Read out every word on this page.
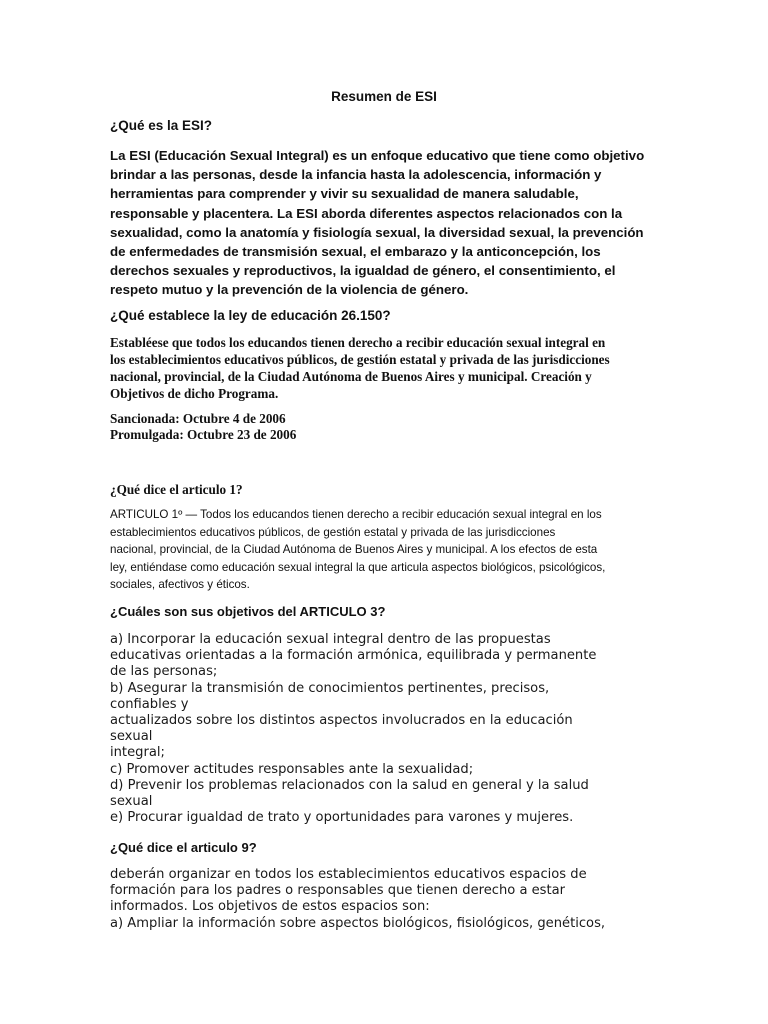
Resumen de ESI
¿Qué es la ESI?
La ESI (Educación Sexual Integral) es un enfoque educativo que tiene como objetivo
brindar a las personas, desde la infancia hasta la adolescencia, información y
herramientas para comprender y vivir su sexualidad de manera saludable,
responsable y placentera. La ESI aborda diferentes aspectos relacionados con la
sexualidad, como la anatomía y fisiología sexual, la diversidad sexual, la prevención
de enfermedades de transmisión sexual, el embarazo y la anticoncepción, los
derechos sexuales y reproductivos, la igualdad de género, el consentimiento, el
respeto mutuo y la prevención de la violencia de género.
¿Qué establece la ley de educación 26.150?
Establéese que todos los educandos tienen derecho a recibir educación sexual integral en
los establecimientos educativos públicos, de gestión estatal y privada de las jurisdicciones
nacional, provincial, de la Ciudad Autónoma de Buenos Aires y municipal. Creación y
Objetivos de dicho Programa.
Sancionada: Octubre 4 de 2006
Promulgada: Octubre 23 de 2006
¿Qué dice el articulo 1?
ARTICULO 1º — Todos los educandos tienen derecho a recibir educación sexual integral en los
establecimientos educativos públicos, de gestión estatal y privada de las jurisdicciones
nacional, provincial, de la Ciudad Autónoma de Buenos Aires y municipal. A los efectos de esta
ley, entiéndase como educación sexual integral la que articula aspectos biológicos, psicológicos,
sociales, afectivos y éticos.
¿Cuáles son sus objetivos del ARTICULO 3?
a) Incorporar la educación sexual integral dentro de las propuestas
educativas orientadas a la formación armónica, equilibrada y permanente
de las personas;
b) Asegurar la transmisión de conocimientos pertinentes, precisos,
confiables y
actualizados sobre los distintos aspectos involucrados en la educación
sexual
integral;
c) Promover actitudes responsables ante la sexualidad;
d) Prevenir los problemas relacionados con la salud en general y la salud
sexual
e) Procurar igualdad de trato y oportunidades para varones y mujeres.
¿Qué dice el articulo 9?
deberán organizar en todos los establecimientos educativos espacios de
formación para los padres o responsables que tienen derecho a estar
informados. Los objetivos de estos espacios son:
a) Ampliar la información sobre aspectos biológicos, fisiológicos, genéticos,
